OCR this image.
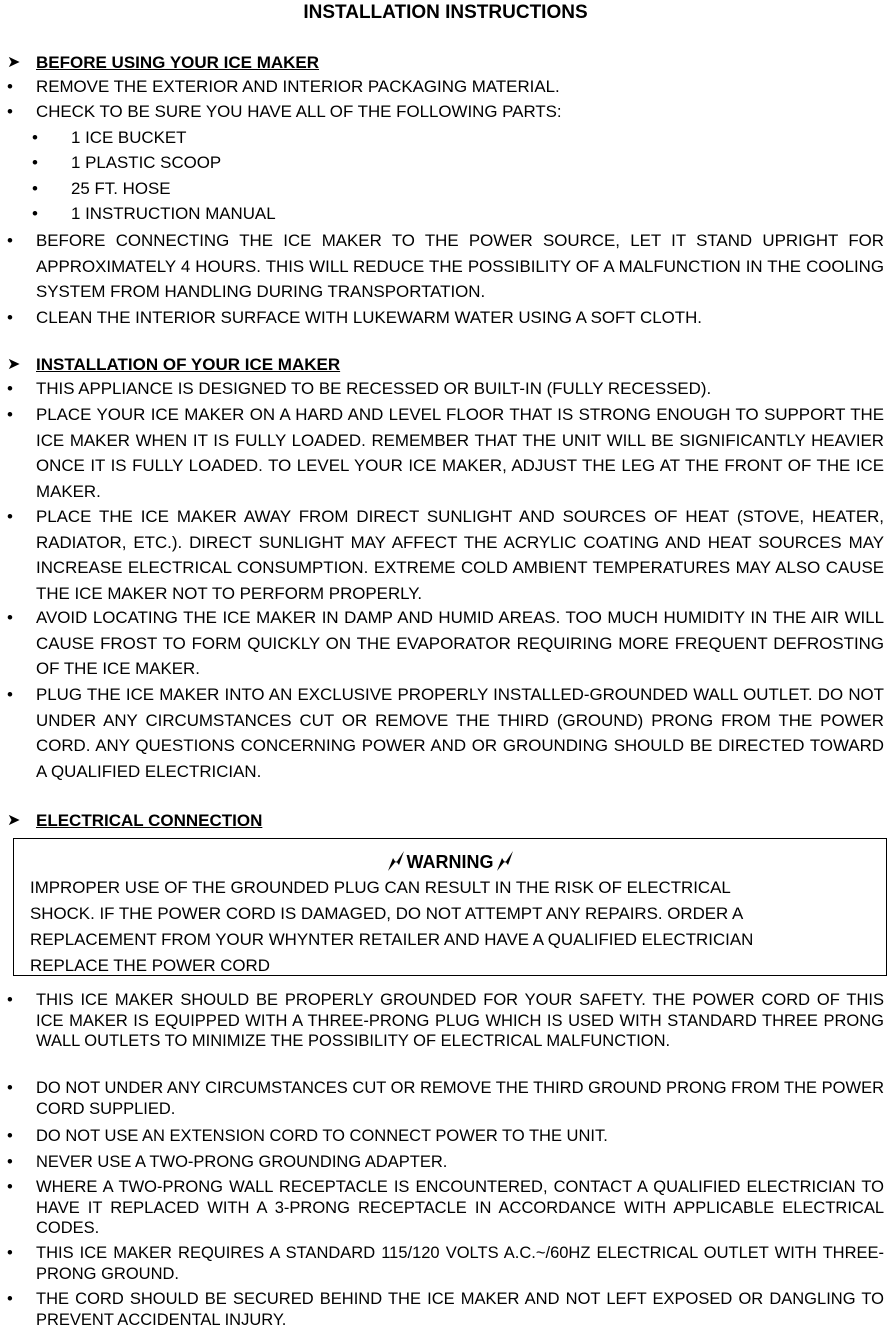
INSTALLATION INSTRUCTIONS
➤ BEFORE USING YOUR ICE MAKER
• REMOVE THE EXTERIOR AND INTERIOR PACKAGING MATERIAL.
• CHECK TO BE SURE YOU HAVE ALL OF THE FOLLOWING PARTS:
• 1 ICE BUCKET
• 1 PLASTIC SCOOP
• 25 FT. HOSE
• 1 INSTRUCTION MANUAL
• BEFORE CONNECTING THE ICE MAKER TO THE POWER SOURCE, LET IT STAND UPRIGHT FOR APPROXIMATELY 4 HOURS. THIS WILL REDUCE THE POSSIBILITY OF A MALFUNCTION IN THE COOLING SYSTEM FROM HANDLING DURING TRANSPORTATION.
• CLEAN THE INTERIOR SURFACE WITH LUKEWARM WATER USING A SOFT CLOTH.
➤ INSTALLATION OF YOUR ICE MAKER
• THIS APPLIANCE IS DESIGNED TO BE RECESSED OR BUILT-IN (FULLY RECESSED).
• PLACE YOUR ICE MAKER ON A HARD AND LEVEL FLOOR THAT IS STRONG ENOUGH TO SUPPORT THE ICE MAKER WHEN IT IS FULLY LOADED. REMEMBER THAT THE UNIT WILL BE SIGNIFICANTLY HEAVIER ONCE IT IS FULLY LOADED. TO LEVEL YOUR ICE MAKER, ADJUST THE LEG AT THE FRONT OF THE ICE MAKER.
• PLACE THE ICE MAKER AWAY FROM DIRECT SUNLIGHT AND SOURCES OF HEAT (STOVE, HEATER, RADIATOR, ETC.). DIRECT SUNLIGHT MAY AFFECT THE ACRYLIC COATING AND HEAT SOURCES MAY INCREASE ELECTRICAL CONSUMPTION. EXTREME COLD AMBIENT TEMPERATURES MAY ALSO CAUSE THE ICE MAKER NOT TO PERFORM PROPERLY.
• AVOID LOCATING THE ICE MAKER IN DAMP AND HUMID AREAS. TOO MUCH HUMIDITY IN THE AIR WILL CAUSE FROST TO FORM QUICKLY ON THE EVAPORATOR REQUIRING MORE FREQUENT DEFROSTING OF THE ICE MAKER.
• PLUG THE ICE MAKER INTO AN EXCLUSIVE PROPERLY INSTALLED-GROUNDED WALL OUTLET. DO NOT UNDER ANY CIRCUMSTANCES CUT OR REMOVE THE THIRD (GROUND) PRONG FROM THE POWER CORD. ANY QUESTIONS CONCERNING POWER AND OR GROUNDING SHOULD BE DIRECTED TOWARD A QUALIFIED ELECTRICIAN.
➤ ELECTRICAL CONNECTION
WARNING
IMPROPER USE OF THE GROUNDED PLUG CAN RESULT IN THE RISK OF ELECTRICAL
SHOCK. IF THE POWER CORD IS DAMAGED, DO NOT ATTEMPT ANY REPAIRS. ORDER A
REPLACEMENT FROM YOUR WHYNTER RETAILER AND HAVE A QUALIFIED ELECTRICIAN
REPLACE THE POWER CORD
• THIS ICE MAKER SHOULD BE PROPERLY GROUNDED FOR YOUR SAFETY. THE POWER CORD OF THIS ICE MAKER IS EQUIPPED WITH A THREE-PRONG PLUG WHICH IS USED WITH STANDARD THREE PRONG WALL OUTLETS TO MINIMIZE THE POSSIBILITY OF ELECTRICAL MALFUNCTION.
• DO NOT UNDER ANY CIRCUMSTANCES CUT OR REMOVE THE THIRD GROUND PRONG FROM THE POWER CORD SUPPLIED.
• DO NOT USE AN EXTENSION CORD TO CONNECT POWER TO THE UNIT.
• NEVER USE A TWO-PRONG GROUNDING ADAPTER.
• WHERE A TWO-PRONG WALL RECEPTACLE IS ENCOUNTERED, CONTACT A QUALIFIED ELECTRICIAN TO HAVE IT REPLACED WITH A 3-PRONG RECEPTACLE IN ACCORDANCE WITH APPLICABLE ELECTRICAL CODES.
• THIS ICE MAKER REQUIRES A STANDARD 115/120 VOLTS A.C.~/60HZ ELECTRICAL OUTLET WITH THREE-PRONG GROUND.
• THE CORD SHOULD BE SECURED BEHIND THE ICE MAKER AND NOT LEFT EXPOSED OR DANGLING TO PREVENT ACCIDENTAL INJURY.
